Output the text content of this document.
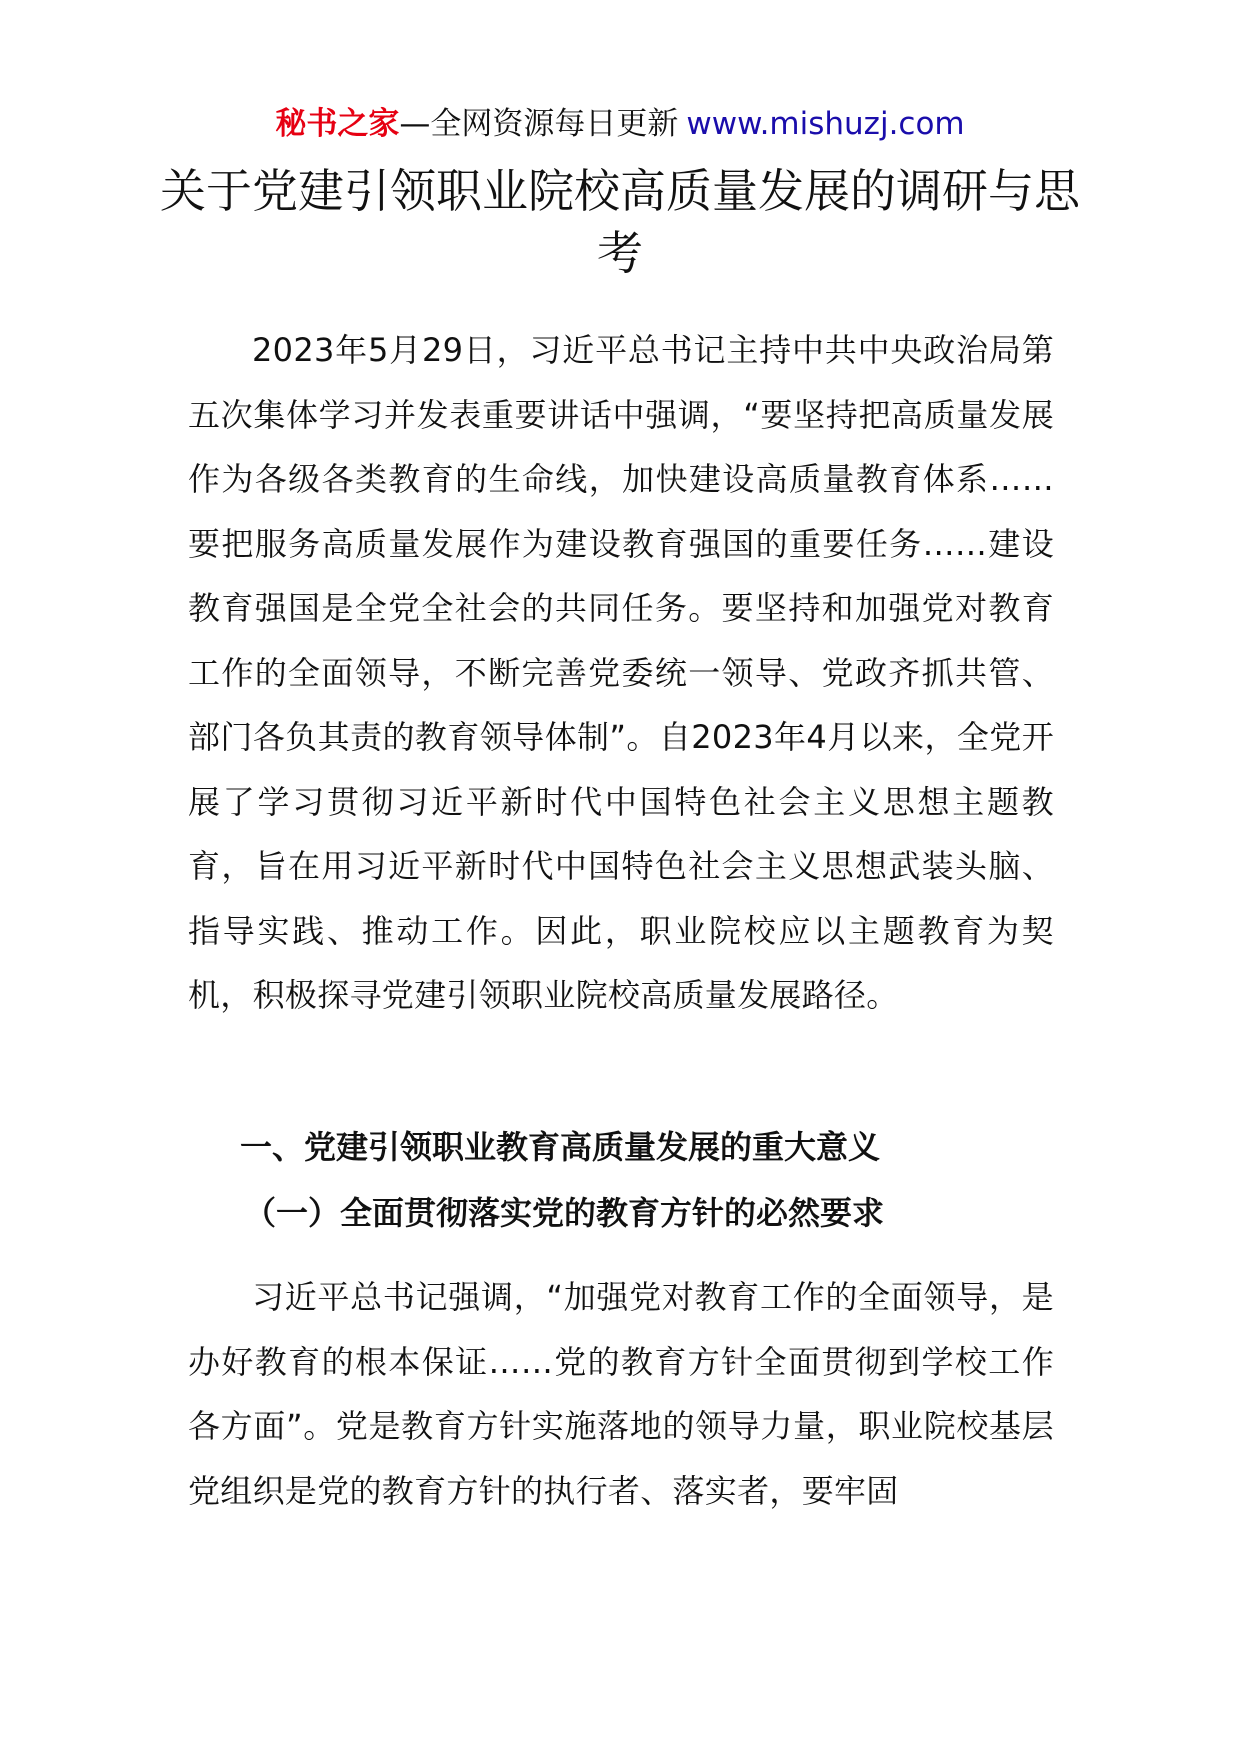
秘书之家—全网资源每日更新 www.mishuzj.com
关于党建引领职业院校高质量发展的调研与思考

2023年5月29日，习近平总书记主持中共中央政治局第五次集体学习并发表重要讲话中强调，“要坚持把高质量发展作为各级各类教育的生命线，加快建设高质量教育体系……要把服务高质量发展作为建设教育强国的重要任务……建设教育强国是全党全社会的共同任务。要坚持和加强党对教育工作的全面领导，不断完善党委统一领导、党政齐抓共管、部门各负其责的教育领导体制”。自2023年4月以来，全党开展了学习贯彻习近平新时代中国特色社会主义思想主题教育，旨在用习近平新时代中国特色社会主义思想武装头脑、指导实践、推动工作。因此，职业院校应以主题教育为契机，积极探寻党建引领职业院校高质量发展路径。

一、党建引领职业教育高质量发展的重大意义
（一）全面贯彻落实党的教育方针的必然要求

习近平总书记强调，“加强党对教育工作的全面领导，是办好教育的根本保证……党的教育方针全面贯彻到学校工作各方面”。党是教育方针实施落地的领导力量，职业院校基层党组织是党的教育方针的执行者、落实者，要牢固
